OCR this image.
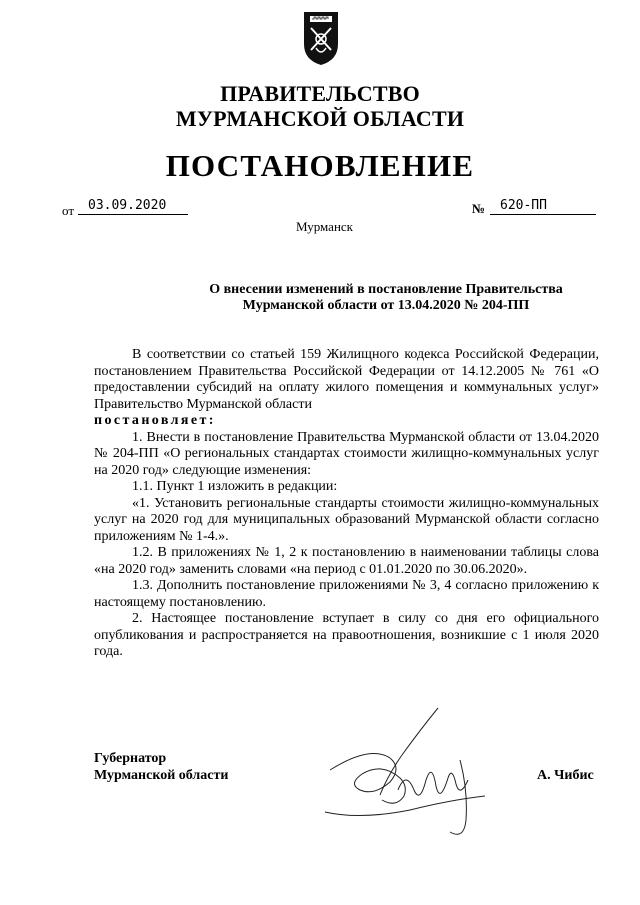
ПРАВИТЕЛЬСТВО
МУРМАНСКОЙ ОБЛАСТИ
ПОСТАНОВЛЕНИЕ
от	03.09.2020	№	620-ПП
Мурманск
О внесении изменений в постановление Правительства
Мурманской области от 13.04.2020 № 204-ПП

В соответствии со статьей 159 Жилищного кодекса Российской Федерации, постановлением Правительства Российской Федерации от 14.12.2005 № 761 «О предоставлении субсидий на оплату жилого помещения и коммунальных услуг» Правительство Мурманской области

постановляет:

1. Внести в постановление Правительства Мурманской области от 13.04.2020 № 204-ПП «О региональных стандартах стоимости жилищно-коммунальных услуг на 2020 год» следующие изменения:

1.1. Пункт 1 изложить в редакции:

«1. Установить региональные стандарты стоимости жилищно-коммунальных услуг на 2020 год для муниципальных образований Мурманской области согласно приложениям № 1-4.».

1.2. В приложениях № 1, 2 к постановлению в наименовании таблицы слова «на 2020 год» заменить словами «на период с 01.01.2020 по 30.06.2020».

1.3. Дополнить постановление приложениями № 3, 4 согласно приложению к настоящему постановлению.

2. Настоящее постановление вступает в силу со дня его официального опубликования и распространяется на правоотношения, возникшие с 1 июля 2020 года.

Губернатор
Мурманской области	А. Чибис
